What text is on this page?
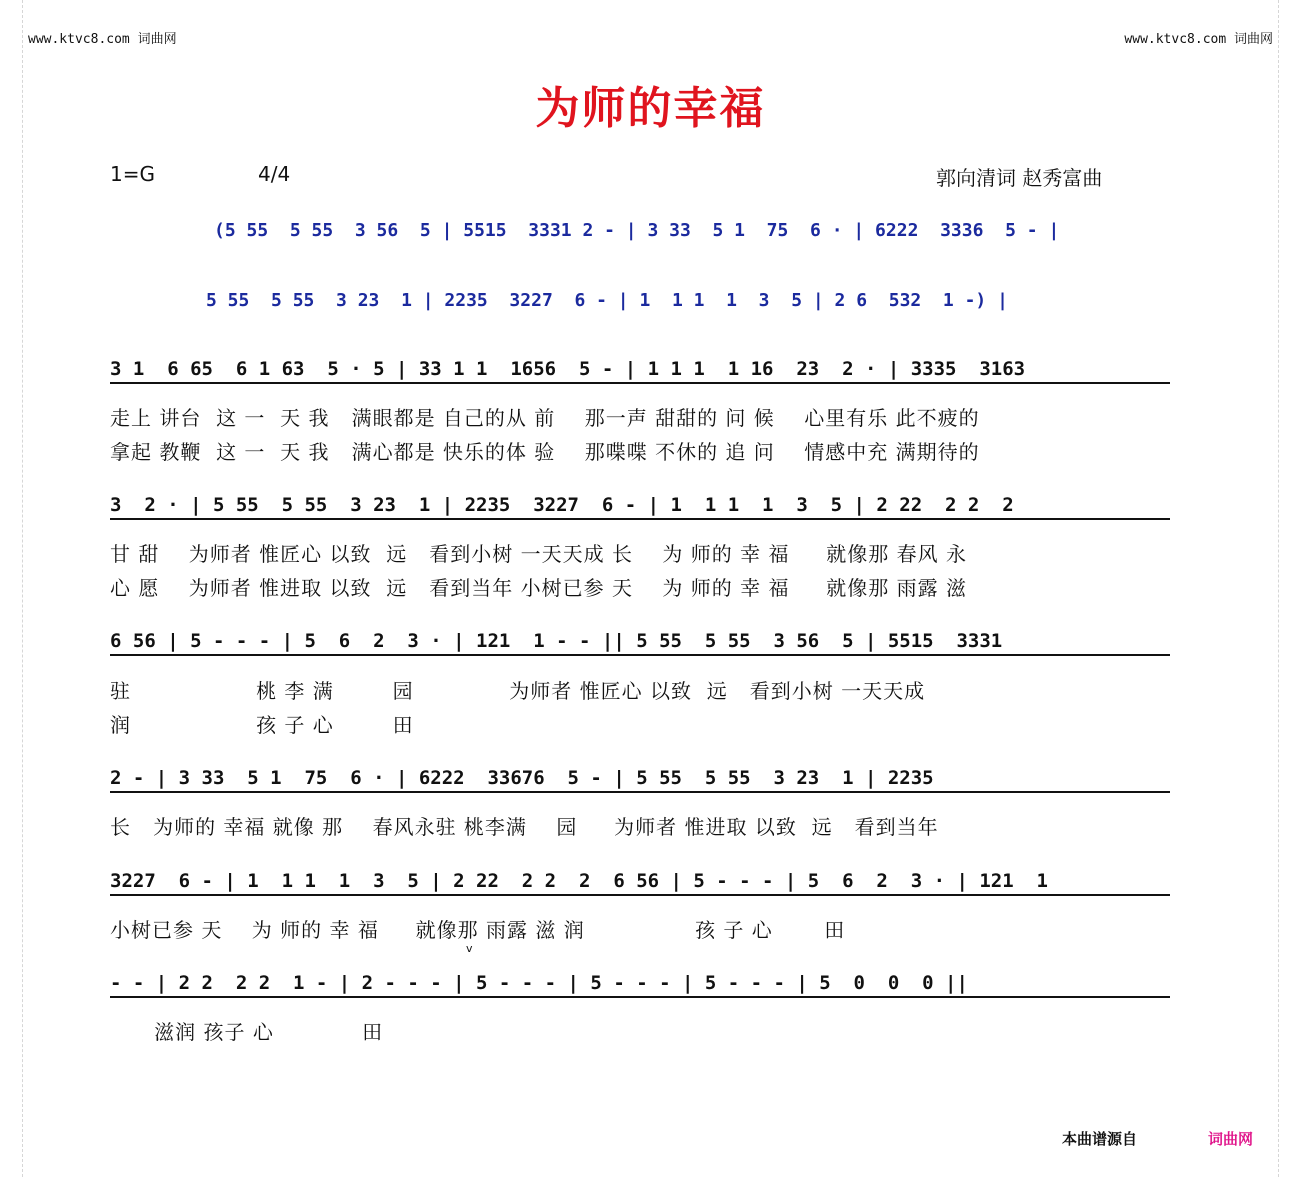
www.ktvc8.com 词曲网	www.ktvc8.com 词曲网
为师的幸福
1=G	4/4	郭向清词 赵秀富曲
(5 55  5 55  3 56  5 | 5515  3331 2 - | 3 33  5 1  75  6 · | 6222  3336  5 - |
5 55  5 55  3 23  1 | 2235  3227  6 - | 1  1 1  1  3  5 | 2 6  532  1 -) |
3 1  6 65  6 1 63  5 · 5 | 33 1 1  1656  5 - | 1 1 1  1 16  23  2 · | 3335  3163
走上 讲台  这 一  天 我   满眼都是 自己的从 前    那一声 甜甜的 问 候    心里有乐 此不疲的
拿起 教鞭  这 一  天 我   满心都是 快乐的体 验    那喋喋 不休的 追 问    情感中充 满期待的
3  2 · | 5 55  5 55  3 23  1 | 2235  3227  6 - | 1  1 1  1  3  5 | 2 22  2 2  2
甘 甜    为师者 惟匠心 以致  远   看到小树 一天天成 长    为 师的 幸 福     就像那 春风 永
心 愿    为师者 惟进取 以致  远   看到当年 小树已参 天    为 师的 幸 福     就像那 雨露 滋
6 56 | 5 - - - | 5  6  2  3 · | 121  1 - - || 5 55  5 55  3 56  5 | 5515  3331
驻                 桃 李 满        园             为师者 惟匠心 以致  远   看到小树 一天天成
润                 孩 子 心        田
2 - | 3 33  5 1  75  6 · | 6222  33676  5 - | 5 55  5 55  3 23  1 | 2235
长   为师的 幸福 就像 那    春风永驻 桃李满    园     为师者 惟进取 以致  远   看到当年
3227  6 - | 1  1 1  1  3  5 | 2 22  2 2  2  6 56 | 5 - - - | 5  6  2  3 · | 121  1
小树已参 天    为 师的 幸 福     就像那 雨露 滋 润               孩 子 心       田
v
- - | 2 2  2 2  1 - | 2 - - - | 5 - - - | 5 - - - | 5 - - - | 5  0  0  0 ||
滋润 孩子 心            田
本曲谱源自	词曲网
